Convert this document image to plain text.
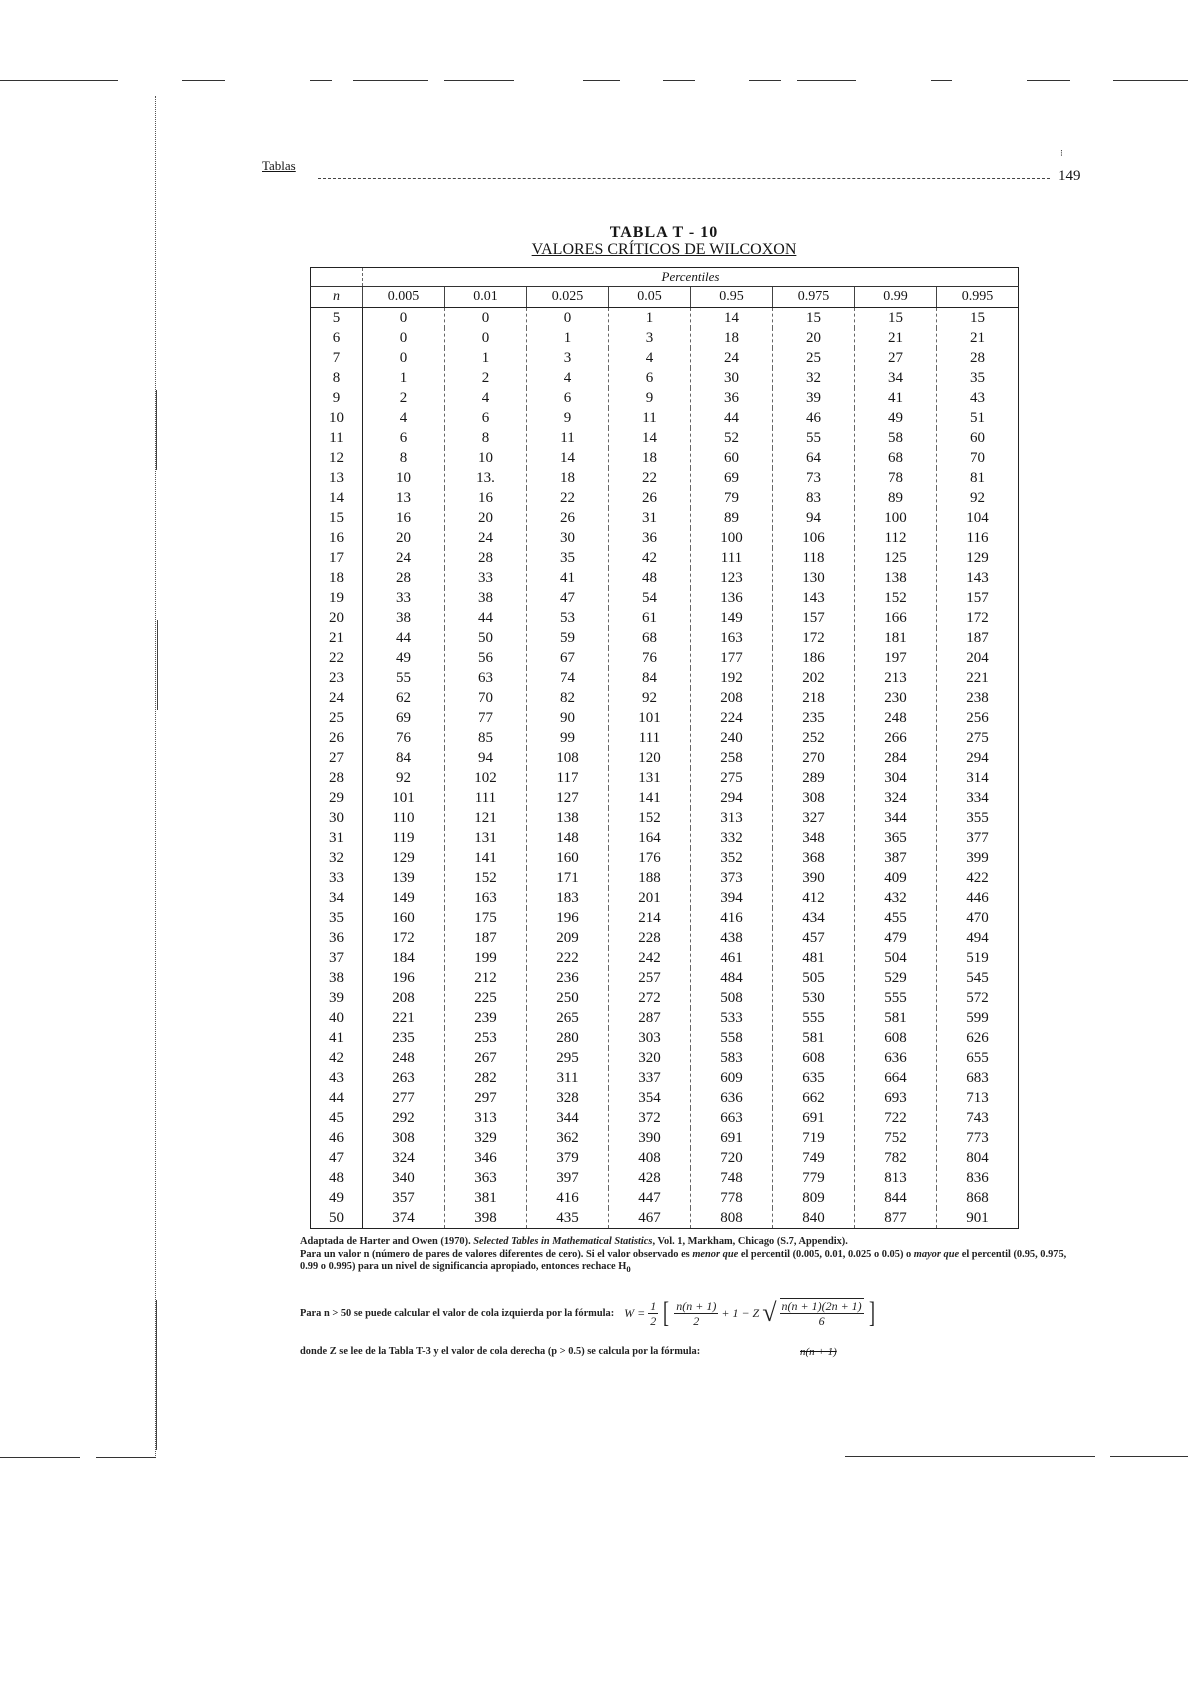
Tablas
⁝
149
TABLA T - 10
VALORES CRÍTICOS DE WILCOXON
	Percentiles							
n	0.005	0.01	0.025	0.05	0.95	0.975	0.99	0.995
5	0	0	0	1	14	15	15	15
6	0	0	1	3	18	20	21	21
7	0	1	3	4	24	25	27	28
8	1	2	4	6	30	32	34	35
9	2	4	6	9	36	39	41	43
10	4	6	9	11	44	46	49	51
11	6	8	11	14	52	55	58	60
12	8	10	14	18	60	64	68	70
13	10	13.	18	22	69	73	78	81
14	13	16	22	26	79	83	89	92
15	16	20	26	31	89	94	100	104
16	20	24	30	36	100	106	112	116
17	24	28	35	42	111	118	125	129
18	28	33	41	48	123	130	138	143
19	33	38	47	54	136	143	152	157
20	38	44	53	61	149	157	166	172
21	44	50	59	68	163	172	181	187
22	49	56	67	76	177	186	197	204
23	55	63	74	84	192	202	213	221
24	62	70	82	92	208	218	230	238
25	69	77	90	101	224	235	248	256
26	76	85	99	111	240	252	266	275
27	84	94	108	120	258	270	284	294
28	92	102	117	131	275	289	304	314
29	101	111	127	141	294	308	324	334
30	110	121	138	152	313	327	344	355
31	119	131	148	164	332	348	365	377
32	129	141	160	176	352	368	387	399
33	139	152	171	188	373	390	409	422
34	149	163	183	201	394	412	432	446
35	160	175	196	214	416	434	455	470
36	172	187	209	228	438	457	479	494
37	184	199	222	242	461	481	504	519
38	196	212	236	257	484	505	529	545
39	208	225	250	272	508	530	555	572
40	221	239	265	287	533	555	581	599
41	235	253	280	303	558	581	608	626
42	248	267	295	320	583	608	636	655
43	263	282	311	337	609	635	664	683
44	277	297	328	354	636	662	693	713
45	292	313	344	372	663	691	722	743
46	308	329	362	390	691	719	752	773
47	324	346	379	408	720	749	782	804
48	340	363	397	428	748	779	813	836
49	357	381	416	447	778	809	844	868
50	374	398	435	467	808	840	877	901
Adaptada de Harter and Owen (1970). Selected Tables in Mathematical Statistics, Vol. 1, Markham, Chicago (S.7, Appendix).
Para un valor n (número de pares de valores diferentes de cero). Si el valor observado es menor que el percentil (0.005, 0.01, 0.025 o 0.05) o mayor que el percentil (0.95, 0.975, 0.99 o 0.995) para un nivel de significancia apropiado, entonces rechace $H_0$
Para n > 50 se puede calcular el valor de cola izquierda por la fórmula: $W = \frac{1}{2}$ [ $\frac{n(n + 1)}{2} + 1 - Z$ √ $\frac{n(n + 1)(2n + 1)}{6}$ ]
donde Z se lee de la Tabla T-3 y el valor de cola derecha (p > 0.5) se calcula por la fórmula:	n(n + 1)
